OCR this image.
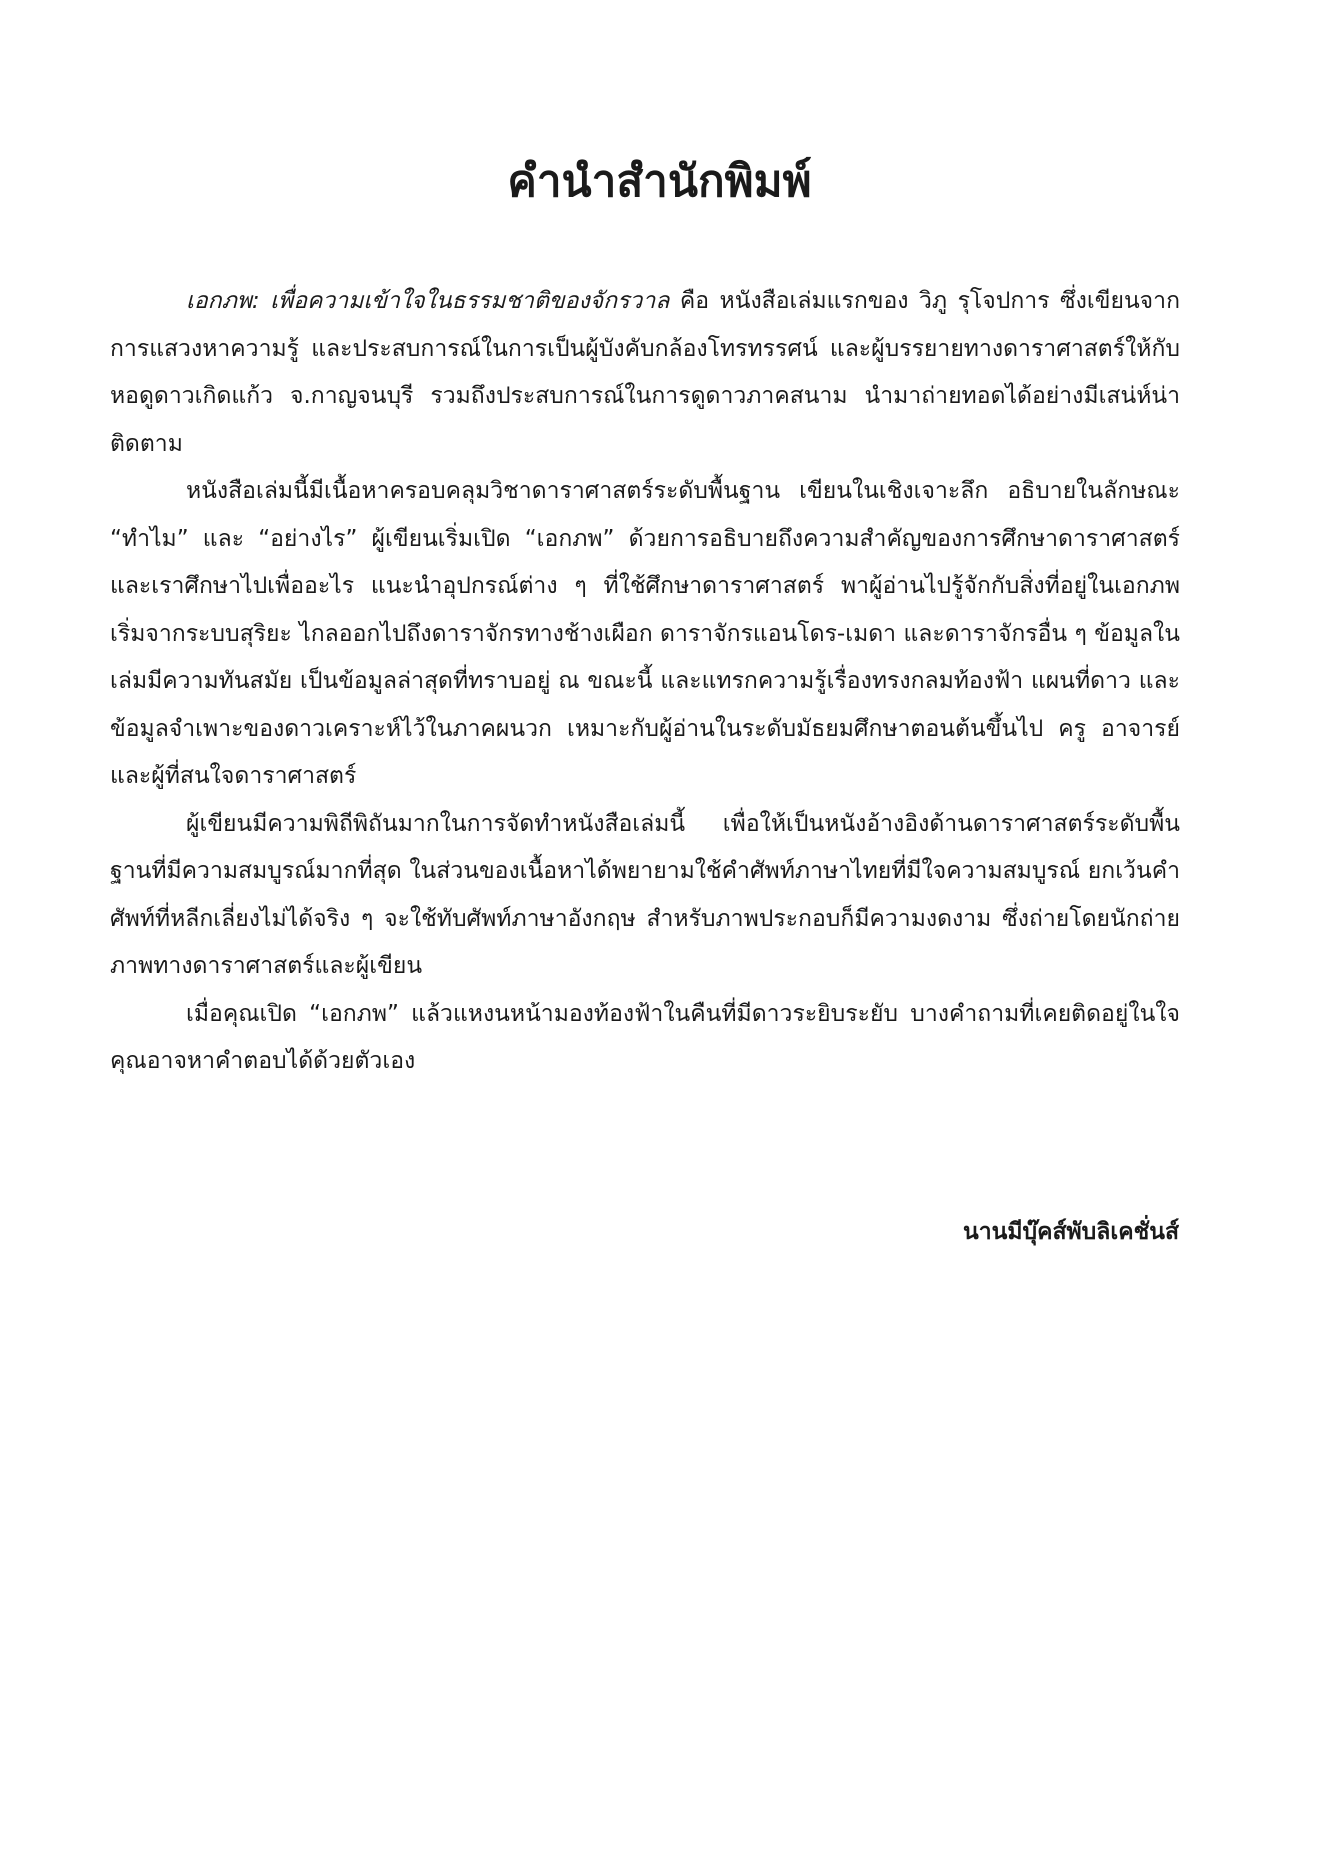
คำนำสำนักพิมพ์

เอกภพ: เพื่อความเข้าใจในธรรมชาติของจักรวาล คือ หนังสือเล่มแรกของ วิภู รุโจปการ ซึ่งเขียนจากการแสวงหาความรู้ และประสบการณ์ในการเป็นผู้บังคับกล้องโทรทรรศน์ และผู้บรรยายทางดาราศาสตร์ให้กับหอดูดาวเกิดแก้ว จ.กาญจนบุรี รวมถึงประสบการณ์ในการดูดาวภาคสนาม นำมาถ่ายทอดได้อย่างมีเสน่ห์น่าติดตาม

หนังสือเล่มนี้มีเนื้อหาครอบคลุมวิชาดาราศาสตร์ระดับพื้นฐาน เขียนในเชิงเจาะลึก อธิบายในลักษณะ “ทำไม” และ “อย่างไร” ผู้เขียนเริ่มเปิด “เอกภพ” ด้วยการอธิบายถึงความสำคัญของการศึกษาดาราศาสตร์และเราศึกษาไปเพื่ออะไร แนะนำอุปกรณ์ต่าง ๆ ที่ใช้ศึกษาดาราศาสตร์ พาผู้อ่านไปรู้จักกับสิ่งที่อยู่ในเอกภพ เริ่มจากระบบสุริยะ ไกลออกไปถึงดาราจักรทางช้างเผือก ดาราจักรแอนโดร-เมดา และดาราจักรอื่น ๆ ข้อมูลในเล่มมีความทันสมัย เป็นข้อมูลล่าสุดที่ทราบอยู่ ณ ขณะนี้ และแทรกความรู้เรื่องทรงกลมท้องฟ้า แผนที่ดาว และข้อมูลจำเพาะของดาวเคราะห์ไว้ในภาคผนวก เหมาะกับผู้อ่านในระดับมัธยมศึกษาตอนต้นขึ้นไป ครู อาจารย์ และผู้ที่สนใจดาราศาสตร์

ผู้เขียนมีความพิถีพิถันมากในการจัดทำหนังสือเล่มนี้ เพื่อให้เป็นหนังอ้างอิงด้านดาราศาสตร์ระดับพื้นฐานที่มีความสมบูรณ์มากที่สุด ในส่วนของเนื้อหาได้พยายามใช้คำศัพท์ภาษาไทยที่มีใจความสมบูรณ์ ยกเว้นคำศัพท์ที่หลีกเลี่ยงไม่ได้จริง ๆ จะใช้ทับศัพท์ภาษาอังกฤษ สำหรับภาพประกอบก็มีความงดงาม ซึ่งถ่ายโดยนักถ่ายภาพทางดาราศาสตร์และผู้เขียน

เมื่อคุณเปิด “เอกภพ” แล้วแหงนหน้ามองท้องฟ้าในคืนที่มีดาวระยิบระยับ บางคำถามที่เคยติดอยู่ในใจคุณอาจหาคำตอบได้ด้วยตัวเอง

นานมีบุ๊คส์พับลิเคชั่นส์
